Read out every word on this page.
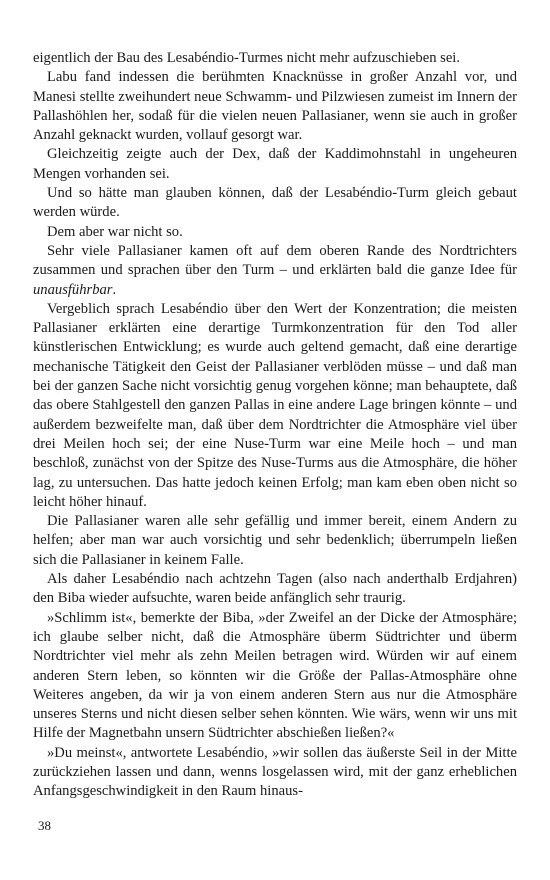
eigentlich der Bau des Lesabéndio-Turmes nicht mehr aufzuschieben sei.

Labu fand indessen die berühmten Knacknüsse in großer Anzahl vor, und Manesi stellte zweihundert neue Schwamm- und Pilzwiesen zumeist im Innern der Pallashöhlen her, sodaß für die vielen neuen Pallasianer, wenn sie auch in großer Anzahl geknackt wurden, vollauf gesorgt war.

Gleichzeitig zeigte auch der Dex, daß der Kaddimohnstahl in ungeheuren Mengen vorhanden sei.

Und so hätte man glauben können, daß der Lesabéndio-Turm gleich gebaut werden würde.

Dem aber war nicht so.

Sehr viele Pallasianer kamen oft auf dem oberen Rande des Nordtrichters zusammen und sprachen über den Turm – und erklärten bald die ganze Idee für unausführbar.

Vergeblich sprach Lesabéndio über den Wert der Konzentration; die meisten Pallasianer erklärten eine derartige Turmkonzentration für den Tod aller künstlerischen Entwicklung; es wurde auch geltend gemacht, daß eine derartige mechanische Tätigkeit den Geist der Pallasianer verblöden müsse – und daß man bei der ganzen Sache nicht vorsichtig genug vorgehen könne; man behauptete, daß das obere Stahlgestell den ganzen Pallas in eine andere Lage bringen könnte – und außerdem bezweifelte man, daß über dem Nordtrichter die Atmosphäre viel über drei Meilen hoch sei; der eine Nuse-Turm war eine Meile hoch – und man beschloß, zunächst von der Spitze des Nuse-Turms aus die Atmosphäre, die höher lag, zu untersuchen. Das hatte jedoch keinen Erfolg; man kam eben oben nicht so leicht höher hinauf.

Die Pallasianer waren alle sehr gefällig und immer bereit, einem Andern zu helfen; aber man war auch vorsichtig und sehr bedenklich; überrumpeln ließen sich die Pallasianer in keinem Falle.

Als daher Lesabéndio nach achtzehn Tagen (also nach anderthalb Erdjahren) den Biba wieder aufsuchte, waren beide anfänglich sehr traurig.

»Schlimm ist«, bemerkte der Biba, »der Zweifel an der Dicke der Atmosphäre; ich glaube selber nicht, daß die Atmosphäre überm Südtrichter und überm Nordtrichter viel mehr als zehn Meilen betragen wird. Würden wir auf einem anderen Stern leben, so könnten wir die Größe der Pallas-Atmosphäre ohne Weiteres angeben, da wir ja von einem anderen Stern aus nur die Atmosphäre unseres Sterns und nicht diesen selber sehen könnten. Wie wärs, wenn wir uns mit Hilfe der Magnetbahn unsern Südtrichter abschießen ließen?«

»Du meinst«, antwortete Lesabéndio, »wir sollen das äußerste Seil in der Mitte zurückziehen lassen und dann, wenns losgelassen wird, mit der ganz erheblichen Anfangsgeschwindigkeit in den Raum hinaus-

38
